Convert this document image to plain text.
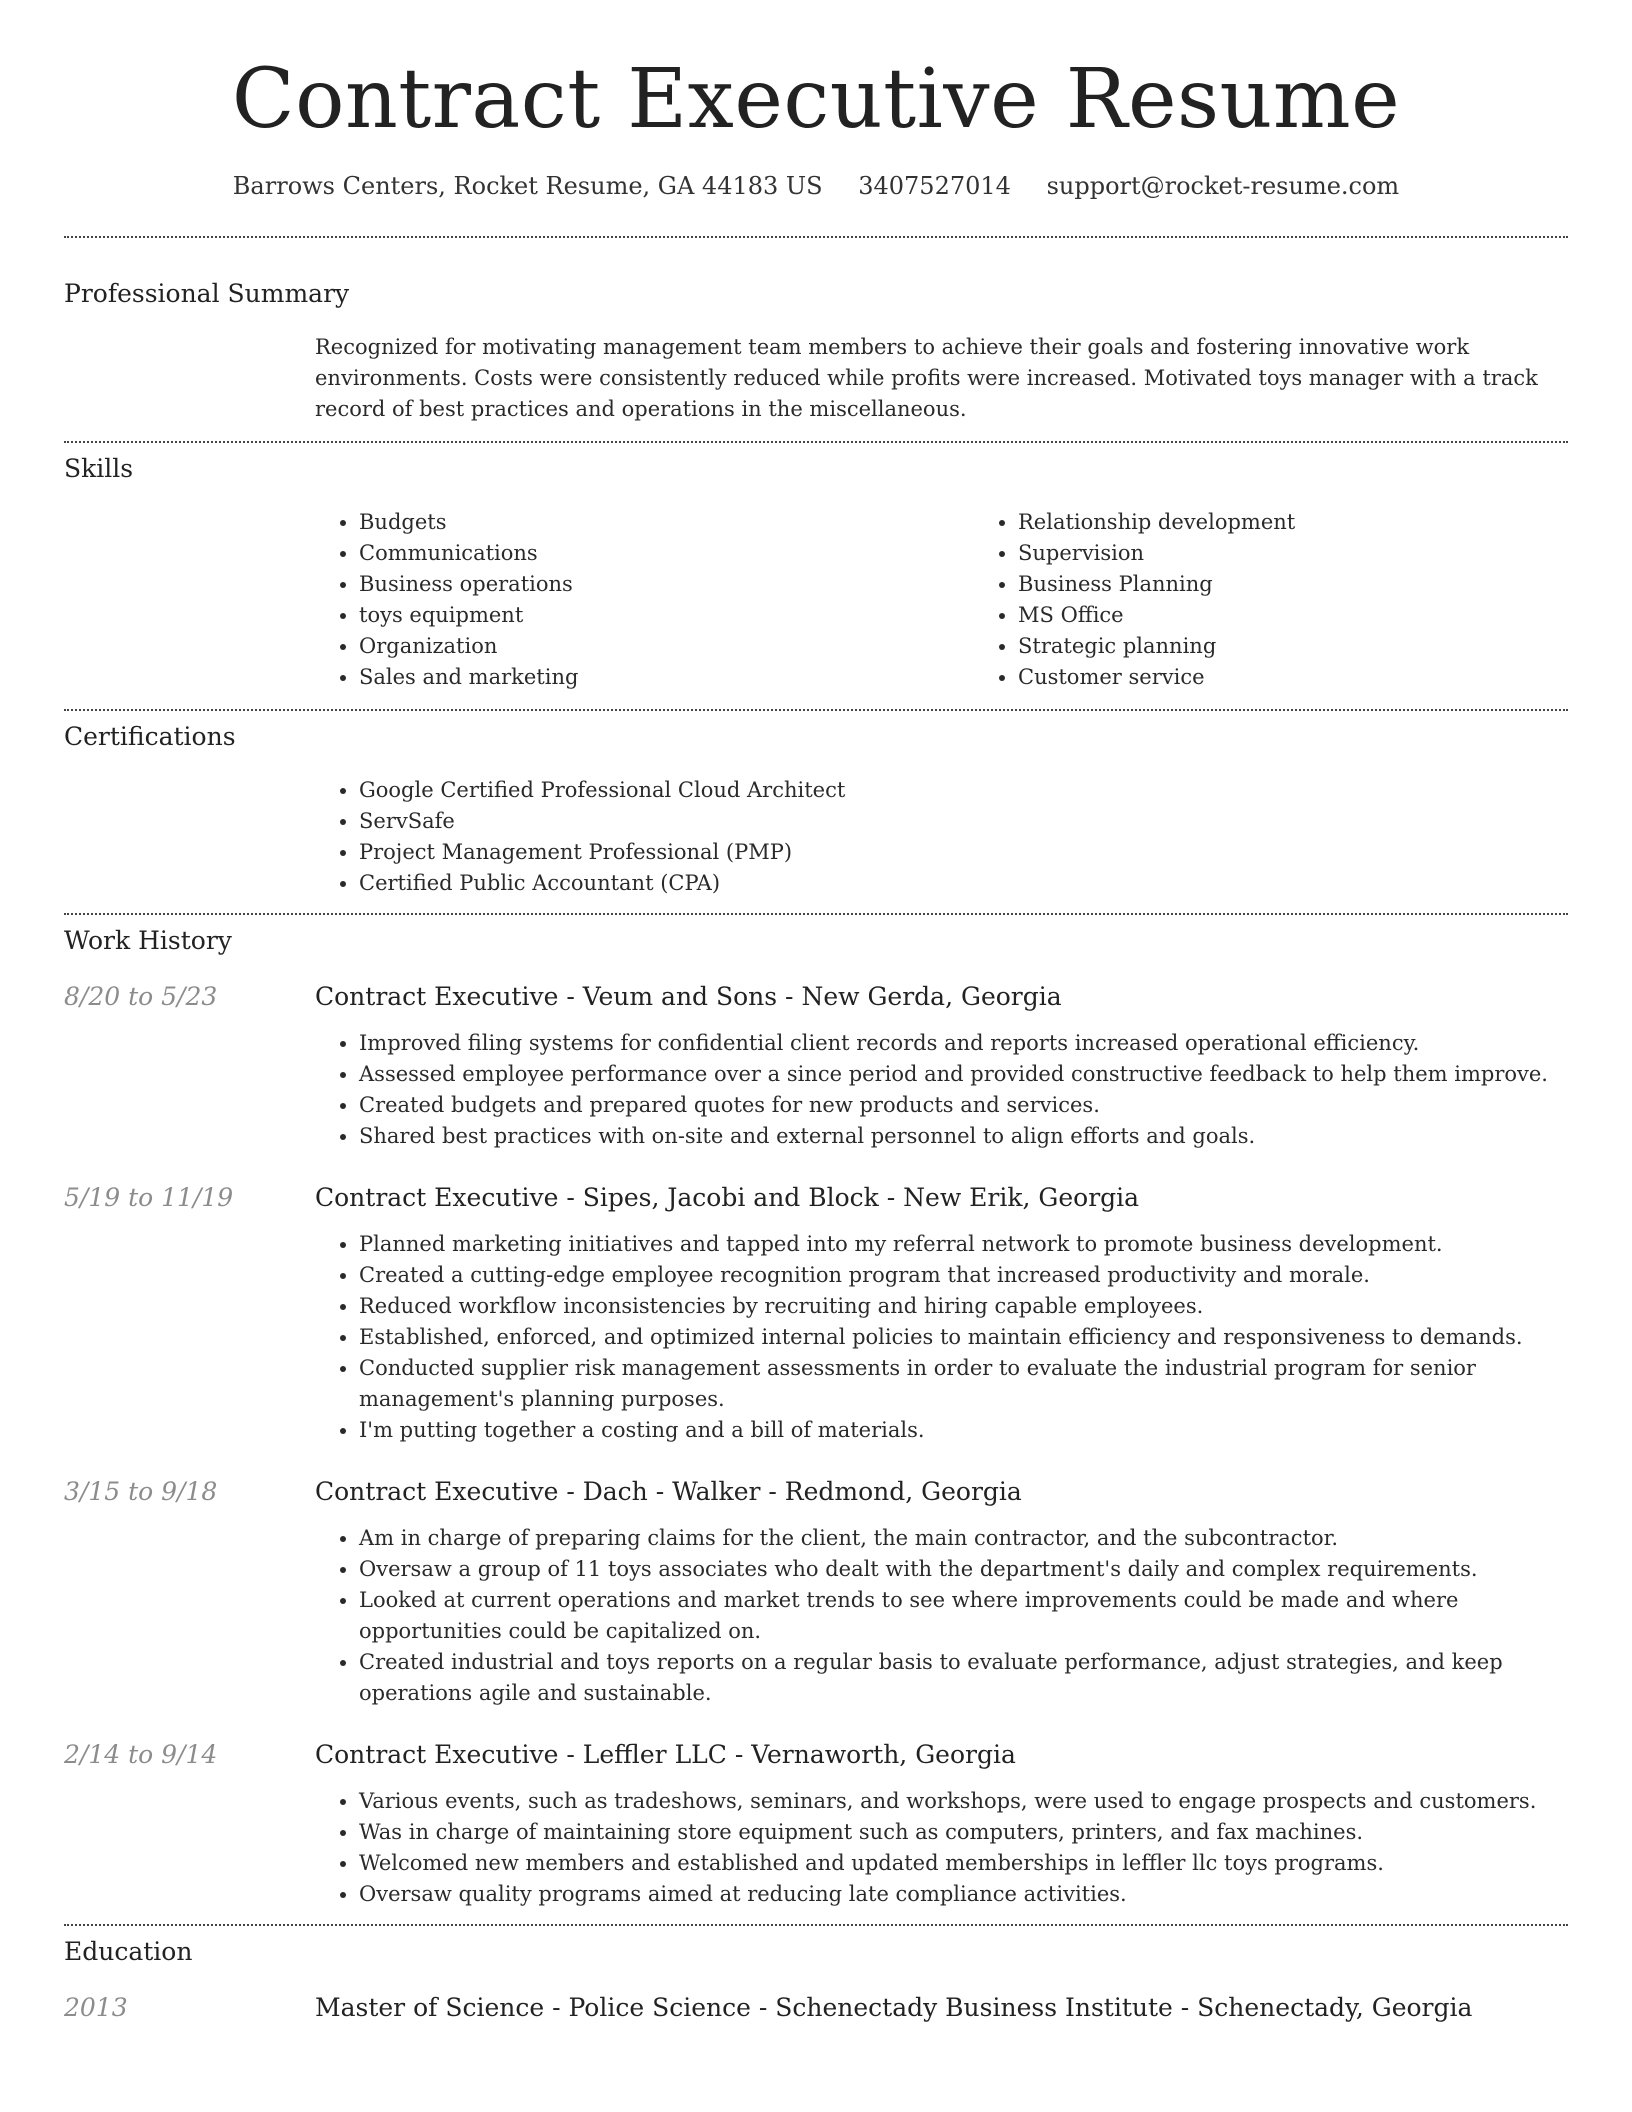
Contract Executive Resume
Barrows Centers, Rocket Resume, GA 44183 US 3407527014 support@rocket-resume.com
Professional Summary
Recognized for motivating management team members to achieve their goals and fostering innovative work environments. Costs were consistently reduced while profits were increased. Motivated toys manager with a track record of best practices and operations in the miscellaneous.
Skills
• Budgets
• Communications
• Business operations
• toys equipment
• Organization
• Sales and marketing
• Relationship development
• Supervision
• Business Planning
• MS Office
• Strategic planning
• Customer service
Certifications
• Google Certified Professional Cloud Architect
• ServSafe
• Project Management Professional (PMP)
• Certified Public Accountant (CPA)
Work History
8/20 to 5/23	Contract Executive - Veum and Sons - New Gerda, Georgia
• Improved filing systems for confidential client records and reports increased operational efficiency.
• Assessed employee performance over a since period and provided constructive feedback to help them improve.
• Created budgets and prepared quotes for new products and services.
• Shared best practices with on-site and external personnel to align efforts and goals.
5/19 to 11/19	Contract Executive - Sipes, Jacobi and Block - New Erik, Georgia
• Planned marketing initiatives and tapped into my referral network to promote business development.
• Created a cutting-edge employee recognition program that increased productivity and morale.
• Reduced workflow inconsistencies by recruiting and hiring capable employees.
• Established, enforced, and optimized internal policies to maintain efficiency and responsiveness to demands.
• Conducted supplier risk management assessments in order to evaluate the industrial program for senior management's planning purposes.
• I'm putting together a costing and a bill of materials.
3/15 to 9/18	Contract Executive - Dach - Walker - Redmond, Georgia
• Am in charge of preparing claims for the client, the main contractor, and the subcontractor.
• Oversaw a group of 11 toys associates who dealt with the department's daily and complex requirements.
• Looked at current operations and market trends to see where improvements could be made and where opportunities could be capitalized on.
• Created industrial and toys reports on a regular basis to evaluate performance, adjust strategies, and keep operations agile and sustainable.
2/14 to 9/14	Contract Executive - Leffler LLC - Vernaworth, Georgia
• Various events, such as tradeshows, seminars, and workshops, were used to engage prospects and customers.
• Was in charge of maintaining store equipment such as computers, printers, and fax machines.
• Welcomed new members and established and updated memberships in leffler llc toys programs.
• Oversaw quality programs aimed at reducing late compliance activities.
Education
2013	Master of Science - Police Science - Schenectady Business Institute - Schenectady, Georgia
